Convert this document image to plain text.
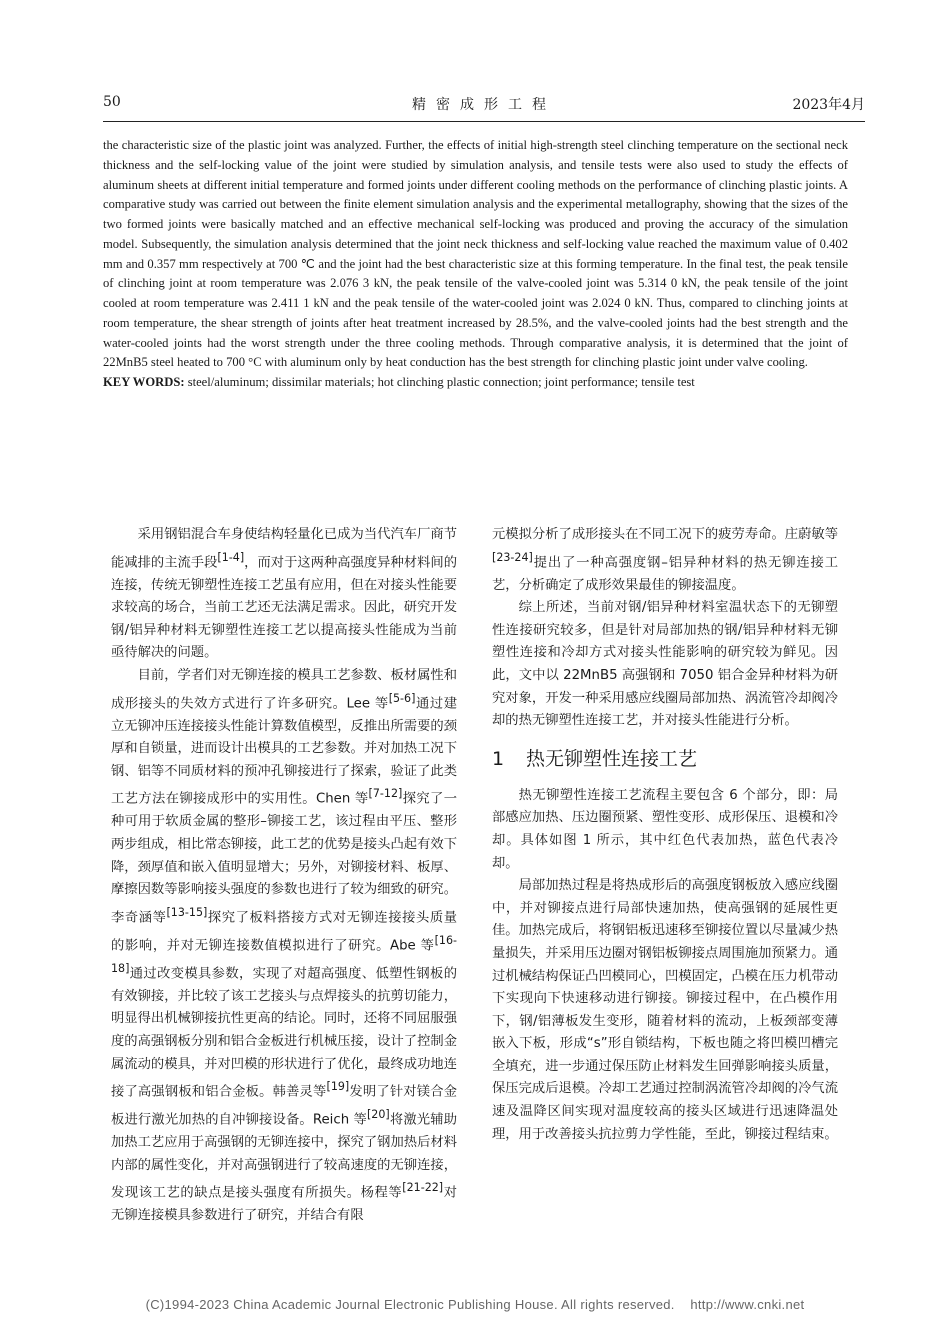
50	精密成形工程	2023年4月

the characteristic size of the plastic joint was analyzed. Further, the effects of initial high-strength steel clinching temperature on the sectional neck thickness and the self-locking value of the joint were studied by simulation analysis, and tensile tests were also used to study the effects of aluminum sheets at different initial temperature and formed joints under different cooling methods on the performance of clinching plastic joints. A comparative study was carried out between the finite element simulation analysis and the experimental metallography, showing that the sizes of the two formed joints were basically matched and an effective mechanical self-locking was produced and proving the accuracy of the simulation model. Subsequently, the simulation analysis determined that the joint neck thickness and self-locking value reached the maximum value of 0.402 mm and 0.357 mm respectively at 700 ℃ and the joint had the best characteristic size at this forming temperature. In the final test, the peak tensile of clinching joint at room temperature was 2.076 3 kN, the peak tensile of the valve-cooled joint was 5.314 0 kN, the peak tensile of the joint cooled at room temperature was 2.411 1 kN and the peak tensile of the water-cooled joint was 2.024 0 kN. Thus, compared to clinching joints at room temperature, the shear strength of joints after heat treatment increased by 28.5%, and the valve-cooled joints had the best strength and the water-cooled joints had the worst strength under the three cooling methods. Through comparative analysis, it is determined that the joint of 22MnB5 steel heated to 700 °C with aluminum only by heat conduction has the best strength for clinching plastic joint under valve cooling.

KEY WORDS: steel/aluminum; dissimilar materials; hot clinching plastic connection; joint performance; tensile test

采用钢铝混合车身使结构轻量化已成为当代汽车厂商节能减排的主流手段[1-4]，而对于这两种高强度异种材料间的连接，传统无铆塑性连接工艺虽有应用，但在对接头性能要求较高的场合，当前工艺还无法满足需求。因此，研究开发钢/铝异种材料无铆塑性连接工艺以提高接头性能成为当前亟待解决的问题。

目前，学者们对无铆连接的模具工艺参数、板材属性和成形接头的失效方式进行了许多研究。Lee 等[5-6]通过建立无铆冲压连接接头性能计算数值模型，反推出所需要的颈厚和自锁量，进而设计出模具的工艺参数。并对加热工况下钢、铝等不同质材料的预冲孔铆接进行了探索，验证了此类工艺方法在铆接成形中的实用性。Chen 等[7-12]探究了一种可用于软质金属的整形–铆接工艺，该过程由平压、整形两步组成，相比常态铆接，此工艺的优势是接头凸起有效下降，颈厚值和嵌入值明显增大；另外，对铆接材料、板厚、摩擦因数等影响接头强度的参数也进行了较为细致的研究。李奇涵等[13-15]探究了板料搭接方式对无铆连接接头质量的影响，并对无铆连接数值模拟进行了研究。Abe 等[16-18]通过改变模具参数，实现了对超高强度、低塑性钢板的有效铆接，并比较了该工艺接头与点焊接头的抗剪切能力，明显得出机械铆接抗性更高的结论。同时，还将不同屈服强度的高强钢板分别和铝合金板进行机械压接，设计了控制金属流动的模具，并对凹模的形状进行了优化，最终成功地连接了高强钢板和铝合金板。韩善灵等[19]发明了针对镁合金板进行激光加热的自冲铆接设备。Reich 等[20]将激光辅助加热工艺应用于高强钢的无铆连接中，探究了钢加热后材料内部的属性变化，并对高强钢进行了较高速度的无铆连接，发现该工艺的缺点是接头强度有所损失。杨程等[21-22]对无铆连接模具参数进行了研究，并结合有限

元模拟分析了成形接头在不同工况下的疲劳寿命。庄蔚敏等[23-24]提出了一种高强度钢–铝异种材料的热无铆连接工艺，分析确定了成形效果最佳的铆接温度。

综上所述，当前对钢/铝异种材料室温状态下的无铆塑性连接研究较多，但是针对局部加热的钢/铝异种材料无铆塑性连接和冷却方式对接头性能影响的研究较为鲜见。因此，文中以 22MnB5 高强钢和 7050 铝合金异种材料为研究对象，开发一种采用感应线圈局部加热、涡流管冷却阀冷却的热无铆塑性连接工艺，并对接头性能进行分析。

1 热无铆塑性连接工艺

热无铆塑性连接工艺流程主要包含 6 个部分，即：局部感应加热、压边圈预紧、塑性变形、成形保压、退模和冷却。具体如图 1 所示，其中红色代表加热，蓝色代表冷却。

局部加热过程是将热成形后的高强度钢板放入感应线圈中，并对铆接点进行局部快速加热，使高强钢的延展性更佳。加热完成后，将钢铝板迅速移至铆接位置以尽量减少热量损失，并采用压边圈对钢铝板铆接点周围施加预紧力。通过机械结构保证凸凹模同心，凹模固定，凸模在压力机带动下实现向下快速移动进行铆接。铆接过程中，在凸模作用下，钢/铝薄板发生变形，随着材料的流动，上板颈部变薄嵌入下板，形成“s”形自锁结构，下板也随之将凹模凹槽完全填充，进一步通过保压防止材料发生回弹影响接头质量，保压完成后退模。冷却工艺通过控制涡流管冷却阀的冷气流速及温降区间实现对温度较高的接头区域进行迅速降温处理，用于改善接头抗拉剪力学性能，至此，铆接过程结束。

(C)1994-2023 China Academic Journal Electronic Publishing House. All rights reserved.    http://www.cnki.net
